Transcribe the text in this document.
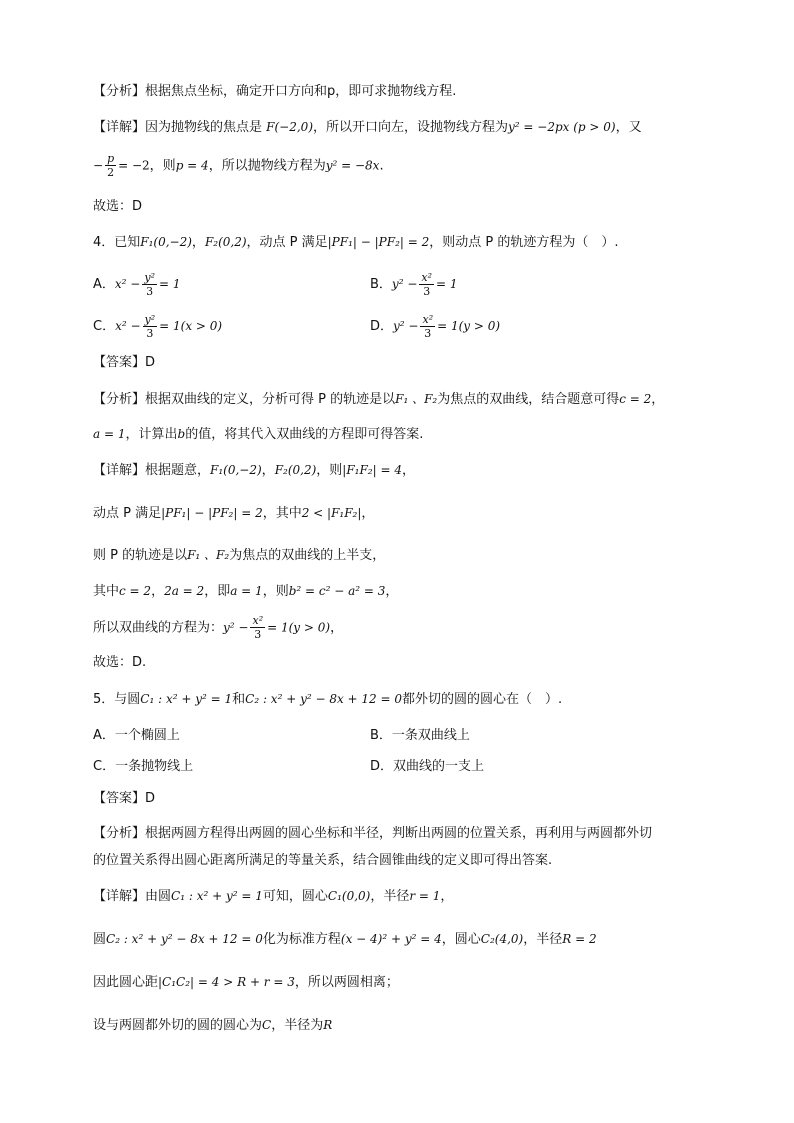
【分析】根据焦点坐标，确定开口方向和p，即可求抛物线方程.
【详解】因为抛物线的焦点是 F(−2,0)，所以开口向左，设抛物线方程为y² = −2px (p > 0)，又
− $\frac{p}{2} = -2$，则p = 4，所以抛物线方程为y² = −8x.
故选：D
4．已知F₁(0,−2)，F₂(0,2)，动点 P 满足|PF₁| − |PF₂| = 2，则动点 P 的轨迹方程为（　）.
A．$x^2 - \frac{\text{y²}}{3} = 1$	B．$y^2 - \frac{\text{x²}}{3} = 1$
C．$x^2 - \frac{\text{y²}}{3} = 1(x > 0)$	D．$y^2 - \frac{\text{x²}}{3} = 1(y > 0)$
【答案】D
【分析】根据双曲线的定义，分析可得 P 的轨迹是以F₁ 、F₂为焦点的双曲线，结合题意可得c = 2，
a = 1，计算出b的值，将其代入双曲线的方程即可得答案.
【详解】根据题意，F₁(0,−2)，F₂(0,2)，则|F₁F₂| = 4，
动点 P 满足|PF₁| − |PF₂| = 2，其中2 < |F₁F₂|，
则 P 的轨迹是以F₁ 、F₂为焦点的双曲线的上半支，
其中c = 2，2a = 2，即a = 1，则b² = c² − a² = 3，
所以双曲线的方程为：$y^2 - \frac{\text{x²}}{3} = 1(y > 0)$，
故选：D.
5．与圆C₁ : x² + y² = 1和C₂ : x² + y² − 8x + 12 = 0都外切的圆的圆心在（　）.
A．一个椭圆上	B．一条双曲线上
C．一条抛物线上	D．双曲线的一支上
【答案】D
【分析】根据两圆方程得出两圆的圆心坐标和半径，判断出两圆的位置关系，再利用与两圆都外切
的位置关系得出圆心距离所满足的等量关系，结合圆锥曲线的定义即可得出答案.
【详解】由圆C₁ : x² + y² = 1可知，圆心C₁(0,0)，半径r = 1，
圆C₂ : x² + y² − 8x + 12 = 0化为标准方程(x − 4)² + y² = 4，圆心C₂(4,0)，半径R = 2
因此圆心距|C₁C₂| = 4 > R + r = 3，所以两圆相离；
设与两圆都外切的圆的圆心为C，半径为R
